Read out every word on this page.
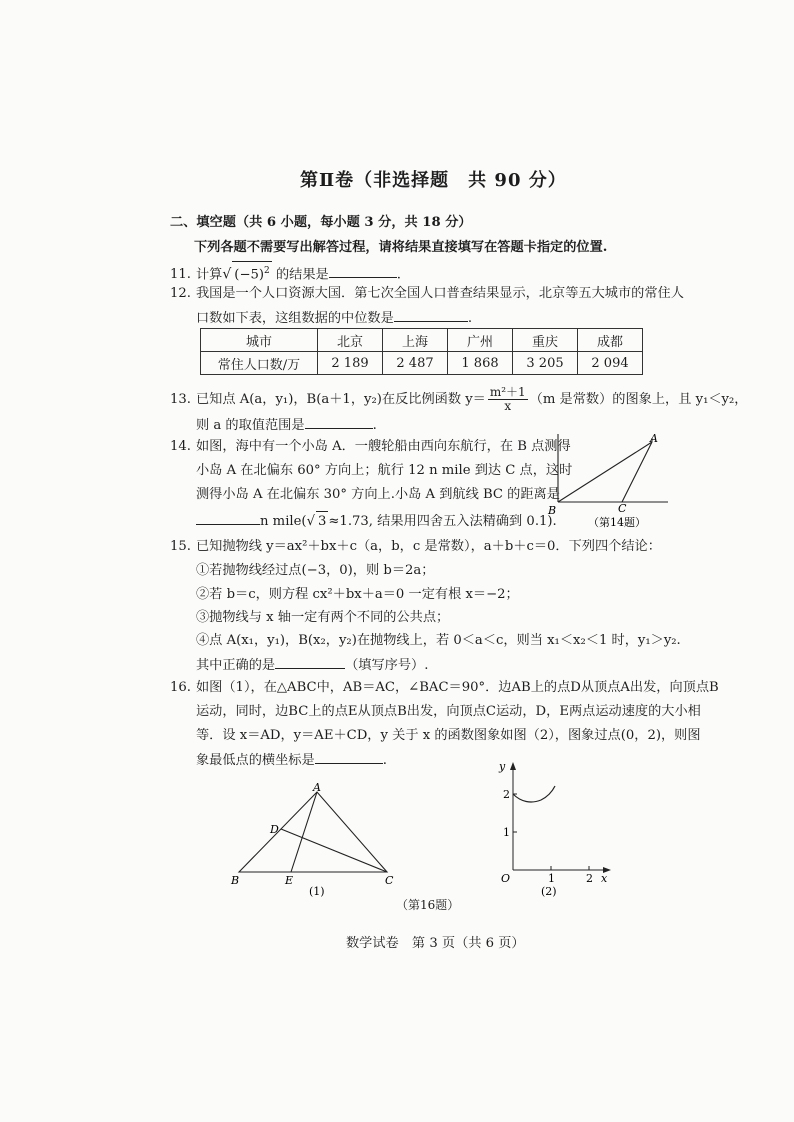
第Ⅱ卷（非选择题　共 90 分）
二、填空题（共 6 小题，每小题 3 分，共 18 分）
下列各题不需要写出解答过程，请将结果直接填写在答题卡指定的位置.
11. 计算√ $(-5)^2$ 的结果是	.
12. 我国是一个人口资源大国．第七次全国人口普查结果显示，北京等五大城市的常住人
口数如下表，这组数据的中位数是	.
城市	北京	上海	广州	重庆	成都
常住人口数/万	2 189	2 487	1 868	3 205	2 094
13. 已知点 A(a，y₁)，B(a＋1，y₂)在反比例函数 $y= \frac{\text{m²＋1}}{x} (m$ 是常数）的图象上，且 y₁＜y₂，
则 a 的取值范围是	.
14. 如图，海中有一个小岛 A．一艘轮船由西向东航行，在 B 点测得
小岛 A 在北偏东 60° 方向上；航行 12 n mile 到达 C 点，这时
测得小岛 A 在北偏东 30° 方向上.小岛 A 到航线 BC 的距离是
n mile(√ 3 ≈1.73, 结果用四舍五入法精确到 0.1).
A
B	C
（第14题）
15. 已知抛物线 y＝ax²＋bx＋c（a，b，c 是常数），a＋b＋c＝0．下列四个结论：
①若抛物线经过点(−3，0)，则 b＝2a；
②若 b＝c，则方程 cx²＋bx＋a＝0 一定有根 x＝−2；
③抛物线与 x 轴一定有两个不同的公共点；
④点 A(x₁，y₁)，B(x₂，y₂)在抛物线上，若 0＜a＜c，则当 x₁＜x₂＜1 时，y₁＞y₂.
其中正确的是	（填写序号）.
16. 如图（1），在△ABC中，AB＝AC，∠BAC＝90°．边AB上的点D从顶点A出发，向顶点B
运动，同时，边BC上的点E从顶点B出发，向顶点C运动，D，E两点运动速度的大小相
等．设 x＝AD，y＝AE＋CD，y 关于 x 的函数图象如图（2），图象过点(0，2)，则图
象最低点的横坐标是	.
A
D
B	E	C
(1)
y
x
O
1
2
1	2
(2)
（第16题）
数学试卷　第 3 页（共 6 页）
